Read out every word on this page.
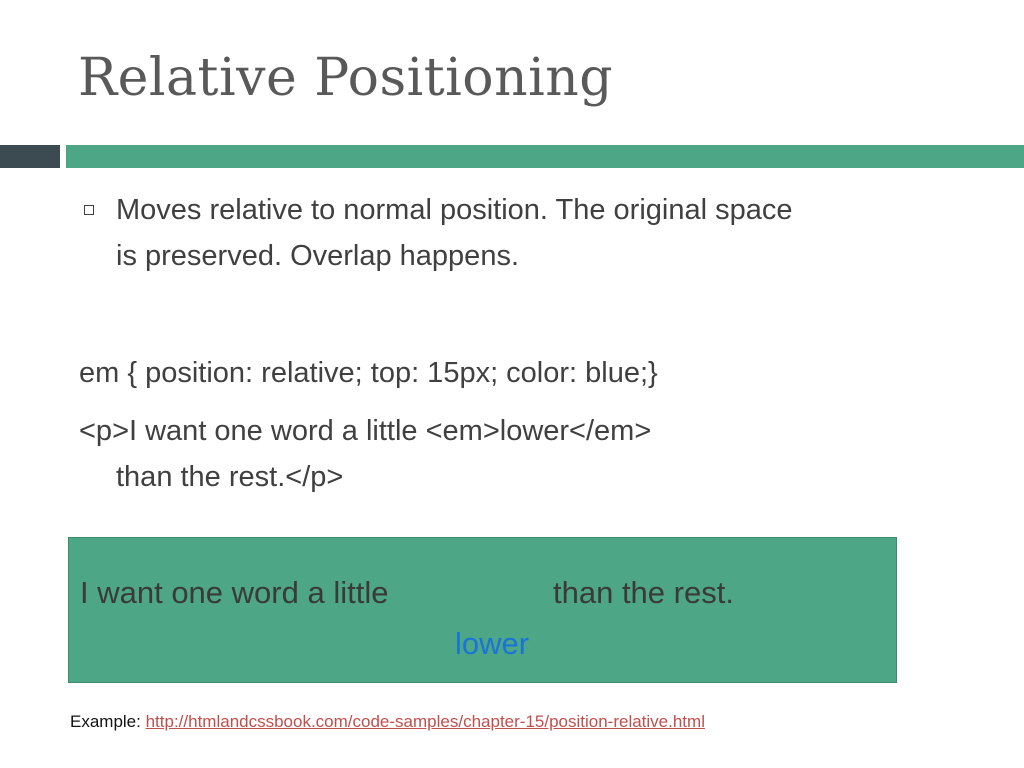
Relative Positioning
Moves relative to normal position. The original space
is preserved. Overlap happens.
em { position: relative; top: 15px; color: blue;}
<p>I want one word a little <em>lower</em>
than the rest.</p>
I want one word a little	than the rest.
lower
Example: http://htmlandcssbook.com/code-samples/chapter-15/position-relative.html
